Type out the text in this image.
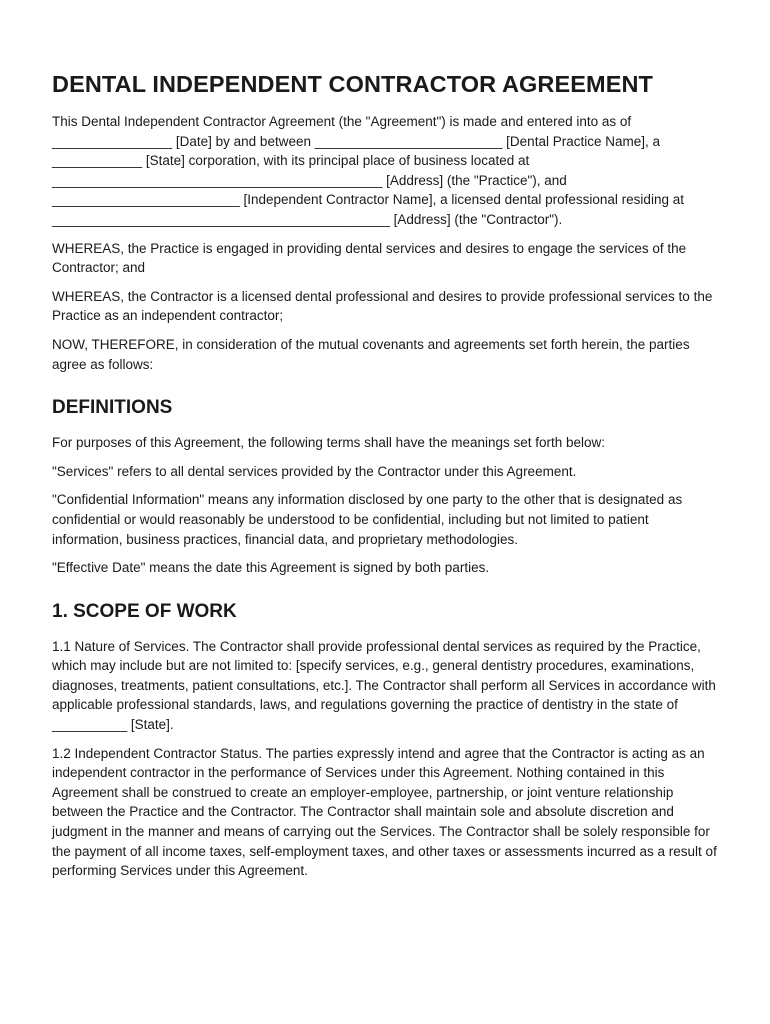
DENTAL INDEPENDENT CONTRACTOR AGREEMENT

This Dental Independent Contractor Agreement (the "Agreement") is made and entered into as of ________________ [Date] by and between _________________________ [Dental Practice Name], a ____________ [State] corporation, with its principal place of business located at ____________________________________________ [Address] (the "Practice"), and _________________________ [Independent Contractor Name], a licensed dental professional residing at _____________________________________________ [Address] (the "Contractor").

WHEREAS, the Practice is engaged in providing dental services and desires to engage the services of the Contractor; and

WHEREAS, the Contractor is a licensed dental professional and desires to provide professional services to the Practice as an independent contractor;

NOW, THEREFORE, in consideration of the mutual covenants and agreements set forth herein, the parties agree as follows:

DEFINITIONS

For purposes of this Agreement, the following terms shall have the meanings set forth below:

"Services" refers to all dental services provided by the Contractor under this Agreement.

"Confidential Information" means any information disclosed by one party to the other that is designated as confidential or would reasonably be understood to be confidential, including but not limited to patient information, business practices, financial data, and proprietary methodologies.

"Effective Date" means the date this Agreement is signed by both parties.

1. SCOPE OF WORK

1.1 Nature of Services. The Contractor shall provide professional dental services as required by the Practice, which may include but are not limited to: [specify services, e.g., general dentistry procedures, examinations, diagnoses, treatments, patient consultations, etc.]. The Contractor shall perform all Services in accordance with applicable professional standards, laws, and regulations governing the practice of dentistry in the state of __________ [State].

1.2 Independent Contractor Status. The parties expressly intend and agree that the Contractor is acting as an independent contractor in the performance of Services under this Agreement. Nothing contained in this Agreement shall be construed to create an employer-employee, partnership, or joint venture relationship between the Practice and the Contractor. The Contractor shall maintain sole and absolute discretion and judgment in the manner and means of carrying out the Services. The Contractor shall be solely responsible for the payment of all income taxes, self-employment taxes, and other taxes or assessments incurred as a result of performing Services under this Agreement.
